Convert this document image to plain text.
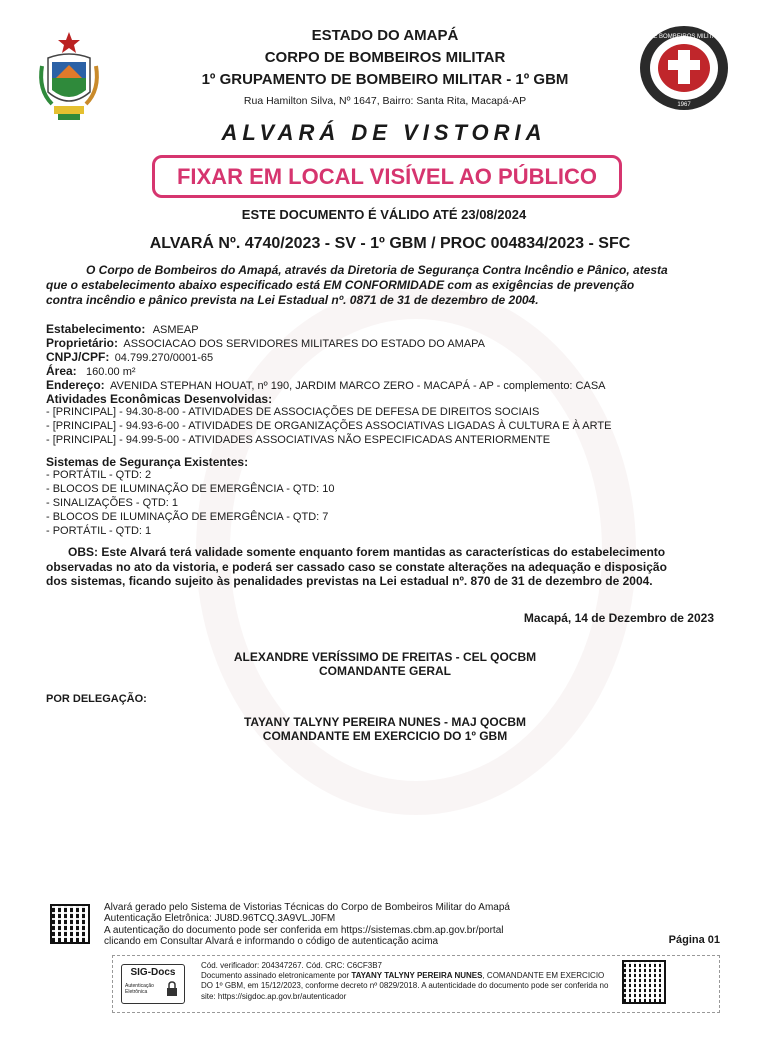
CORPO DE BOMBEIROS MILITAR AMAPÁ
1967
ESTADO DO AMAPÁ
CORPO DE BOMBEIROS MILITAR
1º GRUPAMENTO DE BOMBEIRO MILITAR - 1º GBM
Rua Hamilton Silva, Nº 1647, Bairro: Santa Rita, Macapá-AP
ALVARÁ DE VISTORIA
FIXAR EM LOCAL VISÍVEL AO PÚBLICO
ESTE DOCUMENTO É VÁLIDO ATÉ 23/08/2024
ALVARÁ Nº. 4740/2023 - SV - 1º GBM / PROC 004834/2023 - SFC
O Corpo de Bombeiros do Amapá, através da Diretoria de Segurança Contra Incêndio e Pânico, atesta
que o estabelecimento abaixo especificado está EM CONFORMIDADE com as exigências de prevenção
contra incêndio e pânico prevista na Lei Estadual nº. 0871 de 31 de dezembro de 2004.
Estabelecimento: ASMEAP
Proprietário: ASSOCIACAO DOS SERVIDORES MILITARES DO ESTADO DO AMAPA
CNPJ/CPF: 04.799.270/0001-65
Área: 160.00 m²
Endereço: AVENIDA STEPHAN HOUAT, nº 190, JARDIM MARCO ZERO - MACAPÁ - AP - complemento: CASA
Atividades Econômicas Desenvolvidas:
- [PRINCIPAL] - 94.30-8-00 - ATIVIDADES DE ASSOCIAÇÕES DE DEFESA DE DIREITOS SOCIAIS
- [PRINCIPAL] - 94.93-6-00 - ATIVIDADES DE ORGANIZAÇÕES ASSOCIATIVAS LIGADAS À CULTURA E À ARTE
- [PRINCIPAL] - 94.99-5-00 - ATIVIDADES ASSOCIATIVAS NÃO ESPECIFICADAS ANTERIORMENTE
Sistemas de Segurança Existentes:
- PORTÁTIL - QTD: 2
- BLOCOS DE ILUMINAÇÃO DE EMERGÊNCIA - QTD: 10
- SINALIZAÇÕES - QTD: 1
- BLOCOS DE ILUMINAÇÃO DE EMERGÊNCIA - QTD: 7
- PORTÁTIL - QTD: 1
OBS: Este Alvará terá validade somente enquanto forem mantidas as características do estabelecimento
observadas no ato da vistoria, e poderá ser cassado caso se constate alterações na adequação e disposição
dos sistemas, ficando sujeito às penalidades previstas na Lei estadual nº. 870 de 31 de dezembro de 2004.
Macapá, 14 de Dezembro de 2023
ALEXANDRE VERÍSSIMO DE FREITAS - CEL QOCBM
COMANDANTE GERAL
POR DELEGAÇÃO:
TAYANY TALYNY PEREIRA NUNES - MAJ QOCBM
COMANDANTE EM EXERCICIO DO 1º GBM
Alvará gerado pelo Sistema de Vistorias Técnicas do Corpo de Bombeiros Militar do Amapá
Autenticação Eletrônica: JU8D.96TCQ.3A9VL.J0FM
A autenticação do documento pode ser conferida em https://sistemas.cbm.ap.gov.br/portal
clicando em Consultar Alvará e informando o código de autenticação acima	Página 01
SIG-Docs
Autenticação Eletrônica
Cód. verificador: 204347267. Cód. CRC: C6CF3B7
Documento assinado eletronicamente por TAYANY TALYNY PEREIRA NUNES, COMANDANTE EM EXERCICIO
DO 1º GBM, em 15/12/2023, conforme decreto nº 0829/2018. A autenticidade do documento pode ser conferida no
site: https://sigdoc.ap.gov.br/autenticador
